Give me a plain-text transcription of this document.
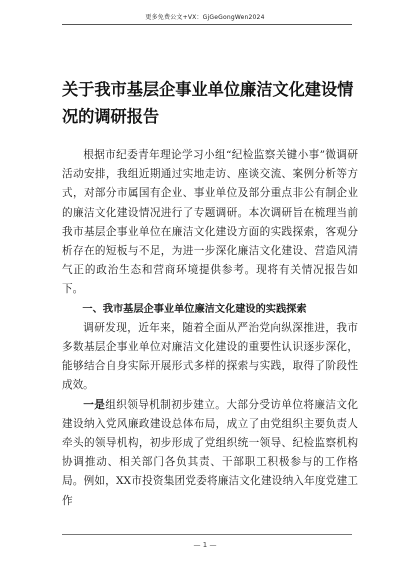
更多免费公文+VX：GjGeGongWen2024
关于我市基层企事业单位廉洁文化建设情况的调研报告

根据市纪委青年理论学习小组“纪检监察关键小事”微调研活动安排，我组近期通过实地走访、座谈交流、案例分析等方式，对部分市属国有企业、事业单位及部分重点非公有制企业的廉洁文化建设情况进行了专题调研。本次调研旨在梳理当前我市基层企事业单位在廉洁文化建设方面的实践探索，客观分析存在的短板与不足，为进一步深化廉洁文化建设、营造风清气正的政治生态和营商环境提供参考。现将有关情况报告如下。

一、我市基层企事业单位廉洁文化建设的实践探索

调研发现，近年来，随着全面从严治党向纵深推进，我市多数基层企事业单位对廉洁文化建设的重要性认识逐步深化，能够结合自身实际开展形式多样的探索与实践，取得了阶段性成效。

一是组织领导机制初步建立。大部分受访单位将廉洁文化建设纳入党风廉政建设总体布局，成立了由党组织主要负责人牵头的领导机构，初步形成了党组织统一领导、纪检监察机构协调推动、相关部门各负其责、干部职工积极参与的工作格局。例如，XX市投资集团党委将廉洁文化建设纳入年度党建工作

— 1 —
